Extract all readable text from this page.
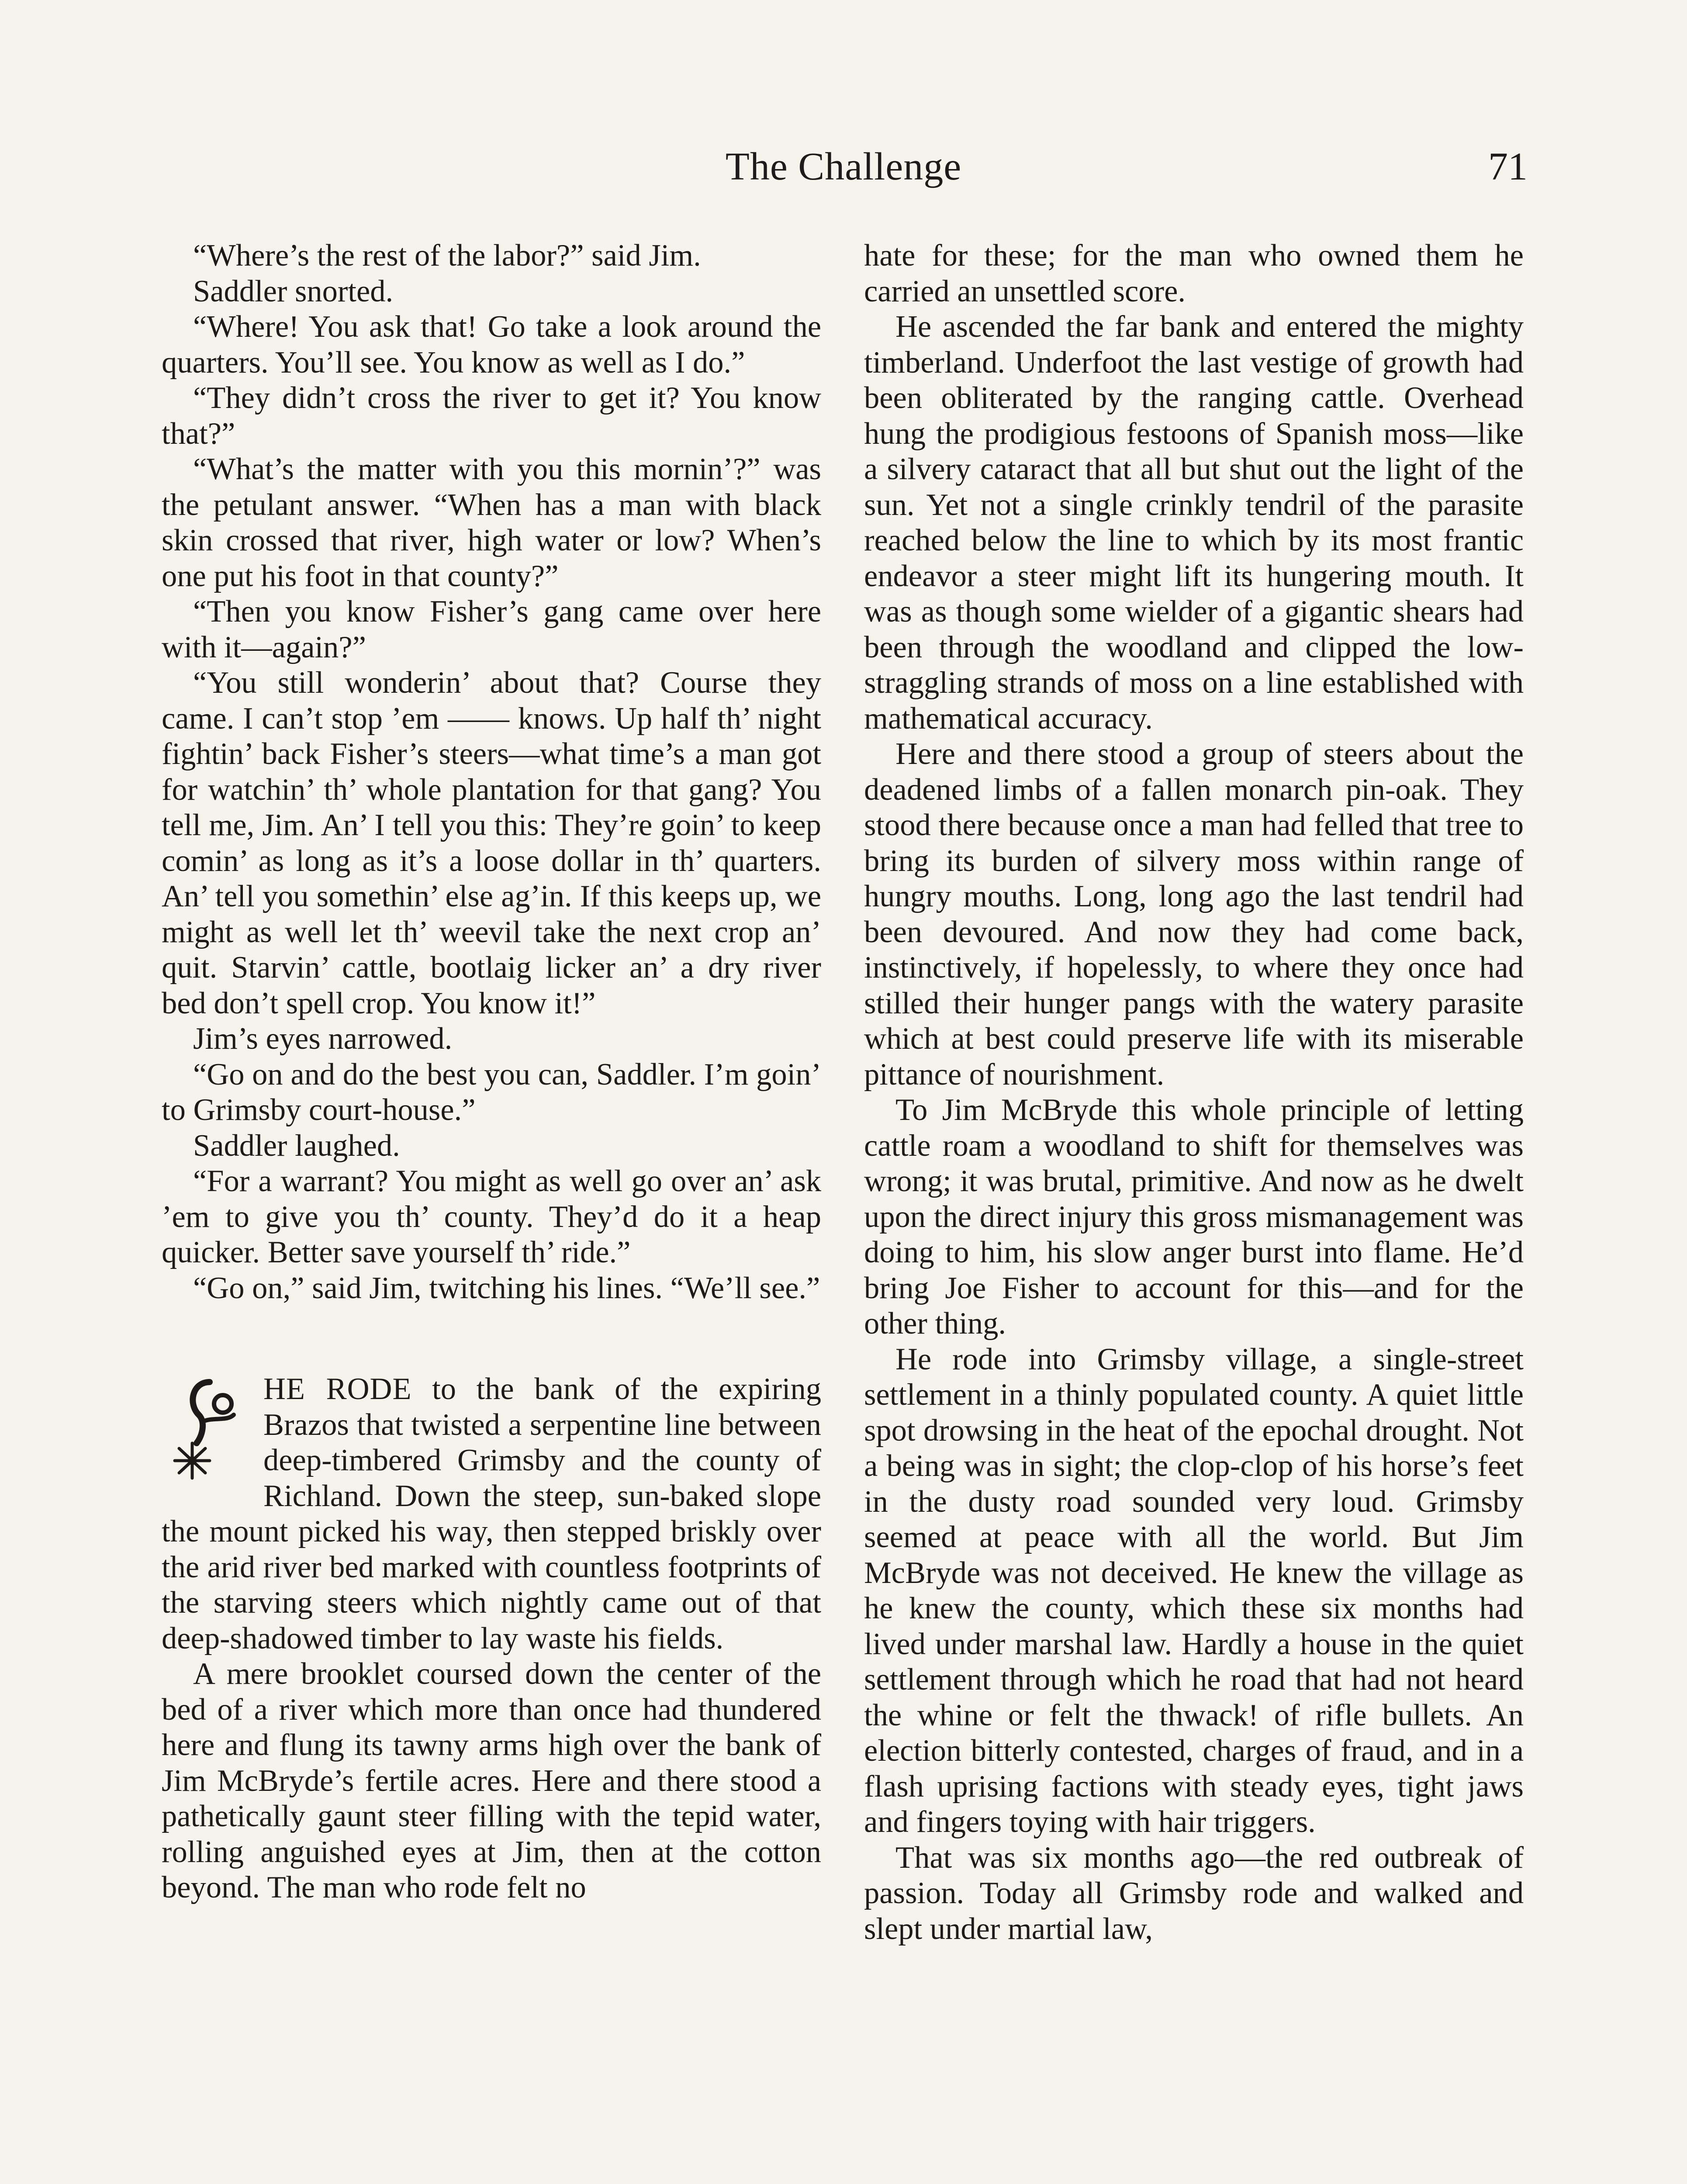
The Challenge	71

“Where’s the rest of the labor?” said Jim.

Saddler snorted.

“Where! You ask that! Go take a look around the quarters. You’ll see. You know as well as I do.”

“They didn’t cross the river to get it? You know that?”

“What’s the matter with you this mornin’?” was the petulant answer. “When has a man with black skin crossed that river, high water or low? When’s one put his foot in that county?”

“Then you know Fisher’s gang came over here with it—again?”

“You still wonderin’ about that? Course they came. I can’t stop ’em —— knows. Up half th’ night fightin’ back Fisher’s steers—what time’s a man got for watchin’ th’ whole plantation for that gang? You tell me, Jim. An’ I tell you this: They’re goin’ to keep comin’ as long as it’s a loose dollar in th’ quarters. An’ tell you somethin’ else ag’in. If this keeps up, we might as well let th’ weevil take the next crop an’ quit. Starvin’ cattle, bootlaig licker an’ a dry river bed don’t spell crop. You know it!”

Jim’s eyes narrowed.

“Go on and do the best you can, Saddler. I’m goin’ to Grimsby court-house.”

Saddler laughed.

“For a warrant? You might as well go over an’ ask ’em to give you th’ county. They’d do it a heap quicker. Better save yourself th’ ride.”

“Go on,” said Jim, twitching his lines. “We’ll see.”

HE RODE to the bank of the expiring Brazos that twisted a serpentine line between deep-timbered Grimsby and the county of Richland. Down the steep, sun-baked slope the mount picked his way, then stepped briskly over the arid river bed marked with countless footprints of the starving steers which nightly came out of that deep-shadowed timber to lay waste his fields.

A mere brooklet coursed down the center of the bed of a river which more than once had thundered here and flung its tawny arms high over the bank of Jim McBryde’s fertile acres. Here and there stood a pathetically gaunt steer filling with the tepid water, rolling anguished eyes at Jim, then at the cotton beyond. The man who rode felt no

hate for these; for the man who owned them he carried an unsettled score.

He ascended the far bank and entered the mighty timberland. Underfoot the last vestige of growth had been obliterated by the ranging cattle. Overhead hung the prodigious festoons of Spanish moss—like a silvery cataract that all but shut out the light of the sun. Yet not a single crinkly tendril of the parasite reached below the line to which by its most frantic endeavor a steer might lift its hungering mouth. It was as though some wielder of a gigantic shears had been through the woodland and clipped the low-straggling strands of moss on a line established with mathematical accuracy.

Here and there stood a group of steers about the deadened limbs of a fallen monarch pin-oak. They stood there because once a man had felled that tree to bring its burden of silvery moss within range of hungry mouths. Long, long ago the last tendril had been devoured. And now they had come back, instinctively, if hopelessly, to where they once had stilled their hunger pangs with the watery parasite which at best could preserve life with its miserable pittance of nourishment.

To Jim McBryde this whole principle of letting cattle roam a woodland to shift for themselves was wrong; it was brutal, primitive. And now as he dwelt upon the direct injury this gross mismanagement was doing to him, his slow anger burst into flame. He’d bring Joe Fisher to account for this—and for the other thing.

He rode into Grimsby village, a single-street settlement in a thinly populated county. A quiet little spot drowsing in the heat of the epochal drought. Not a being was in sight; the clop-clop of his horse’s feet in the dusty road sounded very loud. Grimsby seemed at peace with all the world. But Jim McBryde was not deceived. He knew the village as he knew the county, which these six months had lived under marshal law. Hardly a house in the quiet settlement through which he road that had not heard the whine or felt the thwack! of rifle bullets. An election bitterly contested, charges of fraud, and in a flash uprising factions with steady eyes, tight jaws and fingers toying with hair triggers.

That was six months ago—the red outbreak of passion. Today all Grimsby rode and walked and slept under martial law,
